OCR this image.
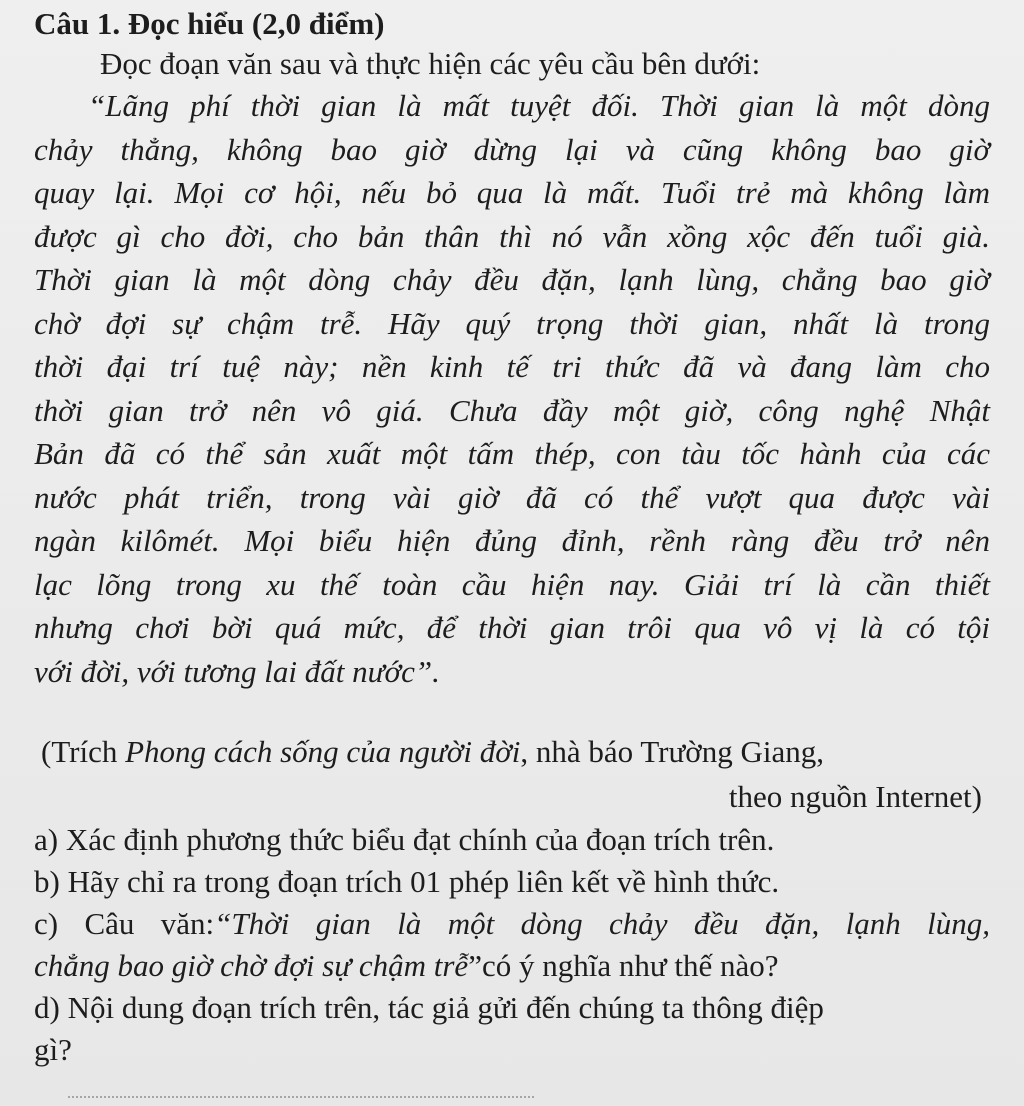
Câu 1. Đọc hiểu (2,0 điểm)

Đọc đoạn văn sau và thực hiện các yêu cầu bên dưới:

“Lãng phí thời gian là mất tuyệt đối. Thời gian là một dòng
chảy thẳng, không bao giờ dừng lại và cũng không bao giờ
quay lại. Mọi cơ hội, nếu bỏ qua là mất. Tuổi trẻ mà không làm
được gì cho đời, cho bản thân thì nó vẫn xồng xộc đến tuổi già.
Thời gian là một dòng chảy đều đặn, lạnh lùng, chẳng bao giờ
chờ đợi sự chậm trễ. Hãy quý trọng thời gian, nhất là trong
thời đại trí tuệ này; nền kinh tế tri thức đã và đang làm cho
thời gian trở nên vô giá. Chưa đầy một giờ, công nghệ Nhật
Bản đã có thể sản xuất một tấm thép, con tàu tốc hành của các
nước phát triển, trong vài giờ đã có thể vượt qua được vài
ngàn kilômét. Mọi biểu hiện đủng đỉnh, rềnh ràng đều trở nên
lạc lõng trong xu thế toàn cầu hiện nay. Giải trí là cần thiết
nhưng chơi bời quá mức, để thời gian trôi qua vô vị là có tội
với đời, với tương lai đất nước”.
(Trích Phong cách sống của người đời, nhà báo Trường Giang,
theo nguồn Internet)
a) Xác định phương thức biểu đạt chính của đoạn trích trên.
b) Hãy chỉ ra trong đoạn trích 01 phép liên kết về hình thức.
c) Câu văn:“Thời gian là một dòng chảy đều đặn, lạnh lùng,
chẳng bao giờ chờ đợi sự chậm trễ”có ý nghĩa như thế nào?
d) Nội dung đoạn trích trên, tác giả gửi đến chúng ta thông điệp
gì?
